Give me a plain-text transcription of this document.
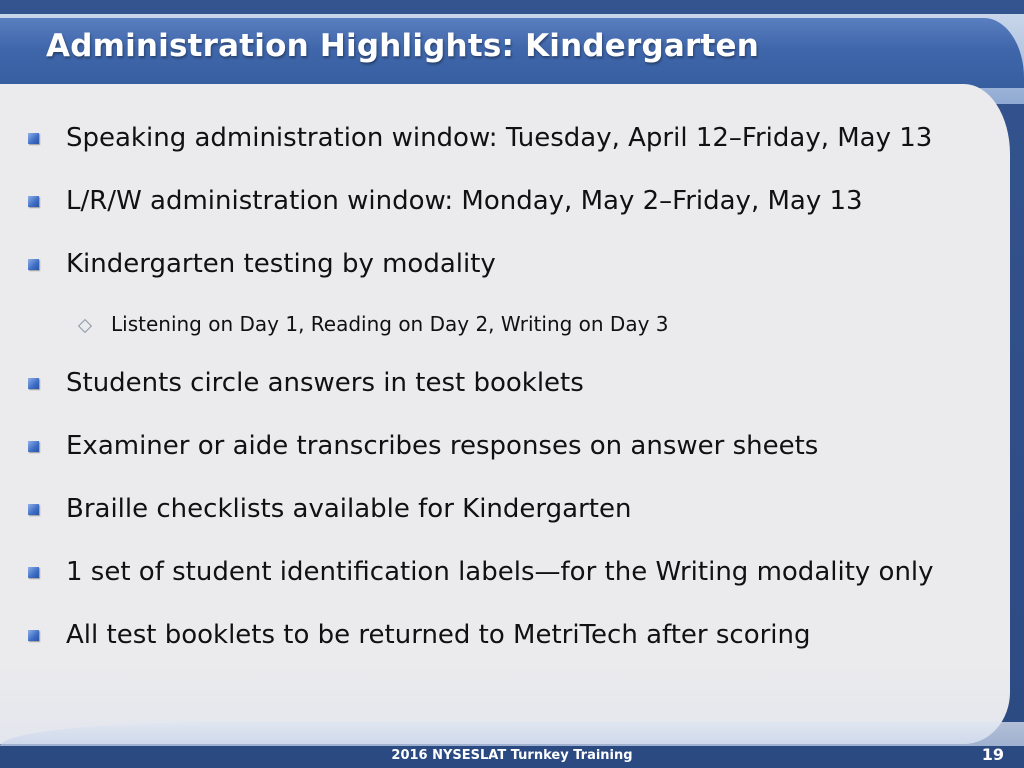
Administration Highlights: Kindergarten
Speaking administration window: Tuesday, April 12–Friday, May 13
L/R/W administration window: Monday, May 2–Friday, May 13
Kindergarten testing by modality
Listening on Day 1, Reading on Day 2, Writing on Day 3
Students circle answers in test booklets
Examiner or aide transcribes responses on answer sheets
Braille checklists available for Kindergarten
1 set of student identification labels—for the Writing modality only
All test booklets to be returned to MetriTech after scoring
2016 NYSESLAT Turnkey Training	19
